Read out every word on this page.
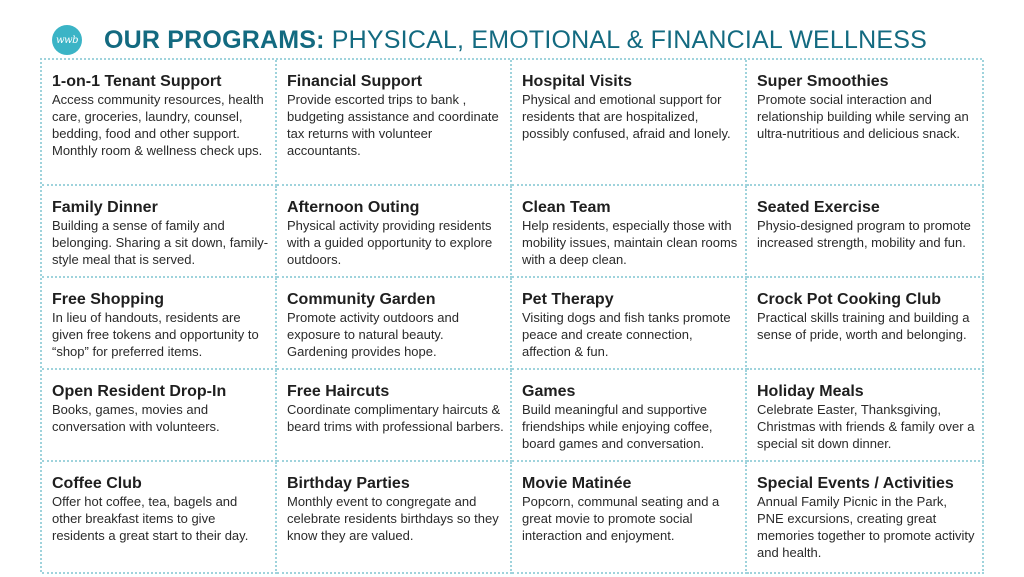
wwb OUR PROGRAMS: PHYSICAL, EMOTIONAL & FINANCIAL WELLNESS
1-on-1 Tenant Support
Access community resources, health care, groceries, laundry, counsel, bedding, food and other support. Monthly room & wellness check ups.
Financial Support
Provide escorted trips to bank , budgeting assistance and coordinate tax returns with volunteer accountants.
Hospital Visits
Physical and emotional support for residents that are hospitalized, possibly confused, afraid and lonely.
Super Smoothies
Promote social interaction and relationship building while serving an ultra-nutritious and delicious snack.
Family Dinner
Building a sense of family and belonging. Sharing a sit down, family-style meal that is served.
Afternoon Outing
Physical activity providing residents with a guided opportunity to explore outdoors.
Clean Team
Help residents, especially those with mobility issues, maintain clean rooms with a deep clean.
Seated Exercise
Physio-designed program to promote increased strength, mobility and fun.
Free Shopping
In lieu of handouts, residents are given free tokens and opportunity to “shop” for preferred items.
Community Garden
Promote activity outdoors and exposure to natural beauty. Gardening provides hope.
Pet Therapy
Visiting dogs and fish tanks promote peace and create connection, affection & fun.
Crock Pot Cooking Club
Practical skills training and building a sense of pride, worth and belonging.
Open Resident Drop-In
Books, games, movies and conversation with volunteers.
Free Haircuts
Coordinate complimentary haircuts & beard trims with professional barbers.
Games
Build meaningful and supportive friendships while enjoying coffee, board games and conversation.
Holiday Meals
Celebrate Easter, Thanksgiving, Christmas with friends & family over a special sit down dinner.
Coffee Club
Offer hot coffee, tea, bagels and other breakfast items to give residents a great start to their day.
Birthday Parties
Monthly event to congregate and celebrate residents birthdays so they know they are valued.
Movie Matinée
Popcorn, communal seating and a great movie to promote social interaction and enjoyment.
Special Events / Activities
Annual Family Picnic in the Park, PNE excursions, creating great memories together to promote activity and health.
